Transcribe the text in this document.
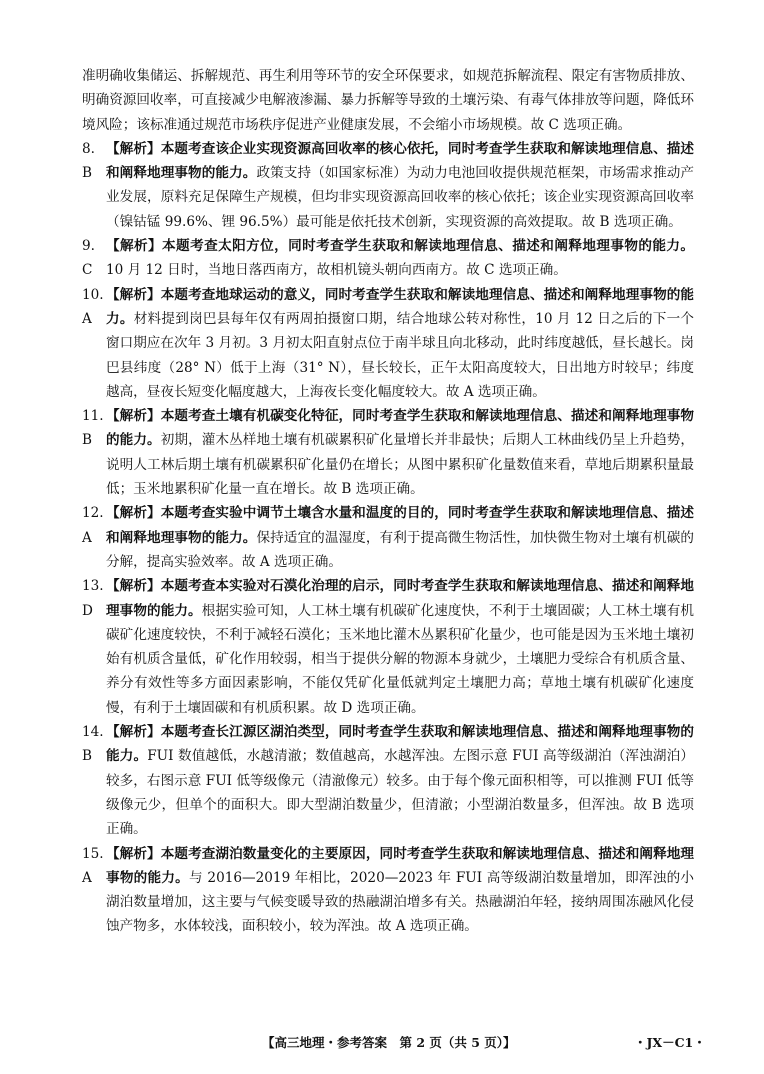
准明确收集储运、拆解规范、再生利用等环节的安全环保要求，如规范拆解流程、限定有害物质排放、明确资源回收率，可直接减少电解液渗漏、暴力拆解等导致的土壤污染、有毒气体排放等问题，降低环境风险；该标准通过规范市场秩序促进产业健康发展，不会缩小市场规模。故 C 选项正确。

8. B
【解析】本题考查该企业实现资源高回收率的核心依托，同时考查学生获取和解读地理信息、描述和阐释地理事物的能力。政策支持（如国家标准）为动力电池回收提供规范框架，市场需求推动产业发展，原料充足保障生产规模，但均非实现资源高回收率的核心依托；该企业实现资源高回收率（镍钴锰 99.6%、锂 96.5%）最可能是依托技术创新，实现资源的高效提取。故 B 选项正确。

9. C
【解析】本题考查太阳方位，同时考查学生获取和解读地理信息、描述和阐释地理事物的能力。10 月 12 日时，当地日落西南方，故相机镜头朝向西南方。故 C 选项正确。

10. A
【解析】本题考查地球运动的意义，同时考查学生获取和解读地理信息、描述和阐释地理事物的能力。材料提到岗巴县每年仅有两周拍摄窗口期，结合地球公转对称性，10 月 12 日之后的下一个窗口期应在次年 3 月初。3 月初太阳直射点位于南半球且向北移动，此时纬度越低，昼长越长。岗巴县纬度（28° N）低于上海（31° N），昼长较长，正午太阳高度较大，日出地方时较早；纬度越高，昼夜长短变化幅度越大，上海夜长变化幅度较大。故 A 选项正确。

11. B
【解析】本题考查土壤有机碳变化特征，同时考查学生获取和解读地理信息、描述和阐释地理事物的能力。初期，灌木丛样地土壤有机碳累积矿化量增长并非最快；后期人工林曲线仍呈上升趋势，说明人工林后期土壤有机碳累积矿化量仍在增长；从图中累积矿化量数值来看，草地后期累积量最低；玉米地累积矿化量一直在增长。故 B 选项正确。

12. A
【解析】本题考查实验中调节土壤含水量和温度的目的，同时考查学生获取和解读地理信息、描述和阐释地理事物的能力。保持适宜的温湿度，有利于提高微生物活性，加快微生物对土壤有机碳的分解，提高实验效率。故 A 选项正确。

13. D
【解析】本题考查本实验对石漠化治理的启示，同时考查学生获取和解读地理信息、描述和阐释地理事物的能力。根据实验可知，人工林土壤有机碳矿化速度快，不利于土壤固碳；人工林土壤有机碳矿化速度较快，不利于减轻石漠化；玉米地比灌木丛累积矿化量少，也可能是因为玉米地土壤初始有机质含量低，矿化作用较弱，相当于提供分解的物源本身就少，土壤肥力受综合有机质含量、养分有效性等多方面因素影响，不能仅凭矿化量低就判定土壤肥力高；草地土壤有机碳矿化速度慢，有利于土壤固碳和有机质积累。故 D 选项正确。

14. B
【解析】本题考查长江源区湖泊类型，同时考查学生获取和解读地理信息、描述和阐释地理事物的能力。FUI 数值越低，水越清澈；数值越高，水越浑浊。左图示意 FUI 高等级湖泊（浑浊湖泊）较多，右图示意 FUI 低等级像元（清澈像元）较多。由于每个像元面积相等，可以推测 FUI 低等级像元少，但单个的面积大。即大型湖泊数量少，但清澈；小型湖泊数量多，但浑浊。故 B 选项正确。

15. A
【解析】本题考查湖泊数量变化的主要原因，同时考查学生获取和解读地理信息、描述和阐释地理事物的能力。与 2016—2019 年相比，2020—2023 年 FUI 高等级湖泊数量增加，即浑浊的小湖泊数量增加，这主要与气候变暖导致的热融湖泊增多有关。热融湖泊年轻，接纳周围冻融风化侵蚀产物多，水体较浅，面积较小，较为浑浊。故 A 选项正确。

【高三地理・参考答案　第 2 页（共 5 页）】	・JX－C1・
